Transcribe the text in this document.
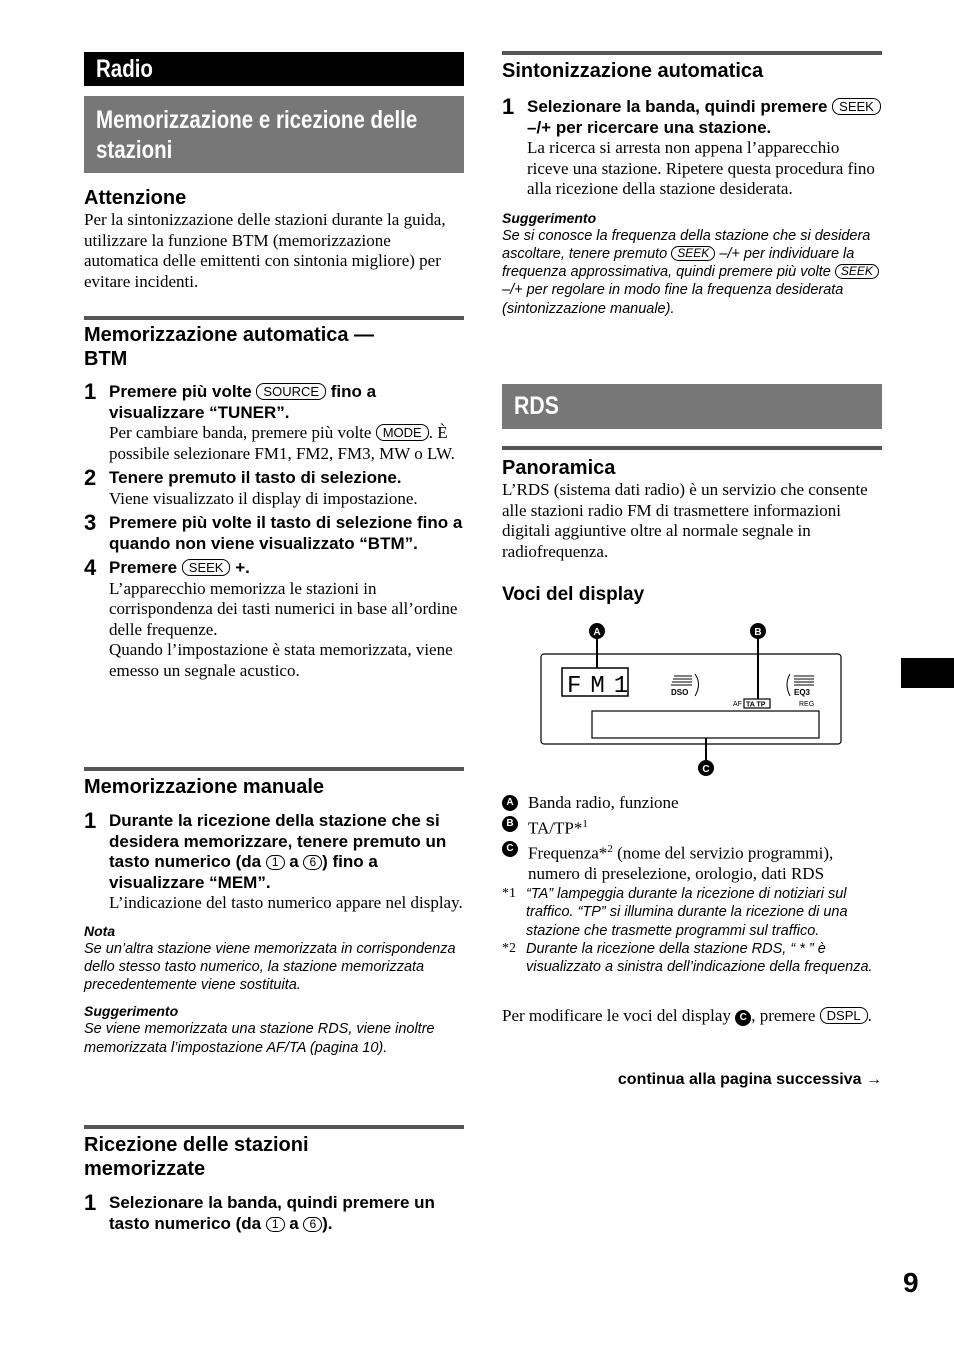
Radio
Memorizzazione e ricezione delle stazioni
Attenzione
Per la sintonizzazione delle stazioni durante la guida, utilizzare la funzione BTM (memorizzazione automatica delle emittenti con sintonia migliore) per evitare incidenti.
Memorizzazione automatica — BTM
1 Premere più volte SOURCE fino a visualizzare “TUNER”.
Per cambiare banda, premere più volte MODE . È possibile selezionare FM1, FM2, FM3, MW o LW.
2 Tenere premuto il tasto di selezione.
Viene visualizzato il display di impostazione.
3 Premere più volte il tasto di selezione fino a quando non viene visualizzato “BTM”.
4 Premere SEEK +.
L’apparecchio memorizza le stazioni in corrispondenza dei tasti numerici in base all’ordine delle frequenze.
Quando l’impostazione è stata memorizzata, viene emesso un segnale acustico.
Memorizzazione manuale
1 Durante la ricezione della stazione che si desidera memorizzare, tenere premuto un tasto numerico (da 1 a 6 ) fino a visualizzare “MEM”.
L’indicazione del tasto numerico appare nel display.
Nota
Se un’altra stazione viene memorizzata in corrispondenza dello stesso tasto numerico, la stazione memorizzata precedentemente viene sostituita.
Suggerimento
Se viene memorizzata una stazione RDS, viene inoltre memorizzata l’impostazione AF/TA (pagina 10).
Ricezione delle stazioni memorizzate
1 Selezionare la banda, quindi premere un tasto numerico (da 1 a 6 ).
Sintonizzazione automatica
1 Selezionare la banda, quindi premere SEEK –/+ per ricercare una stazione.
La ricerca si arresta non appena l’apparecchio riceve una stazione. Ripetere questa procedura fino alla ricezione della stazione desiderata.
Suggerimento
Se si conosce la frequenza della stazione che si desidera ascoltare, tenere premuto SEEK –/+ per individuare la frequenza approssimativa, quindi premere più volte SEEK –/+ per regolare in modo fine la frequenza desiderata (sintonizzazione manuale).
RDS
Panoramica
L’RDS (sistema dati radio) è un servizio che consente alle stazioni radio FM di trasmettere informazioni digitali aggiuntive oltre al normale segnale in radiofrequenza.
Voci del display
FM1	DSO	EQ3
AF TA TP	REG
A	B
C
A Banda radio, funzione
B TA/TP*$^1$
C Frequenza*$^2$ (nome del servizio programmi), numero di preselezione, orologio, dati RDS
*1 “TA” lampeggia durante la ricezione di notiziari sul traffico. “TP” si illumina durante la ricezione di una stazione che trasmette programmi sul traffico.
*2 Durante la ricezione della stazione RDS, “ * ” è visualizzato a sinistra dell’indicazione della frequenza.
Per modificare le voci del display C , premere DSPL .
continua alla pagina successiva →
9
